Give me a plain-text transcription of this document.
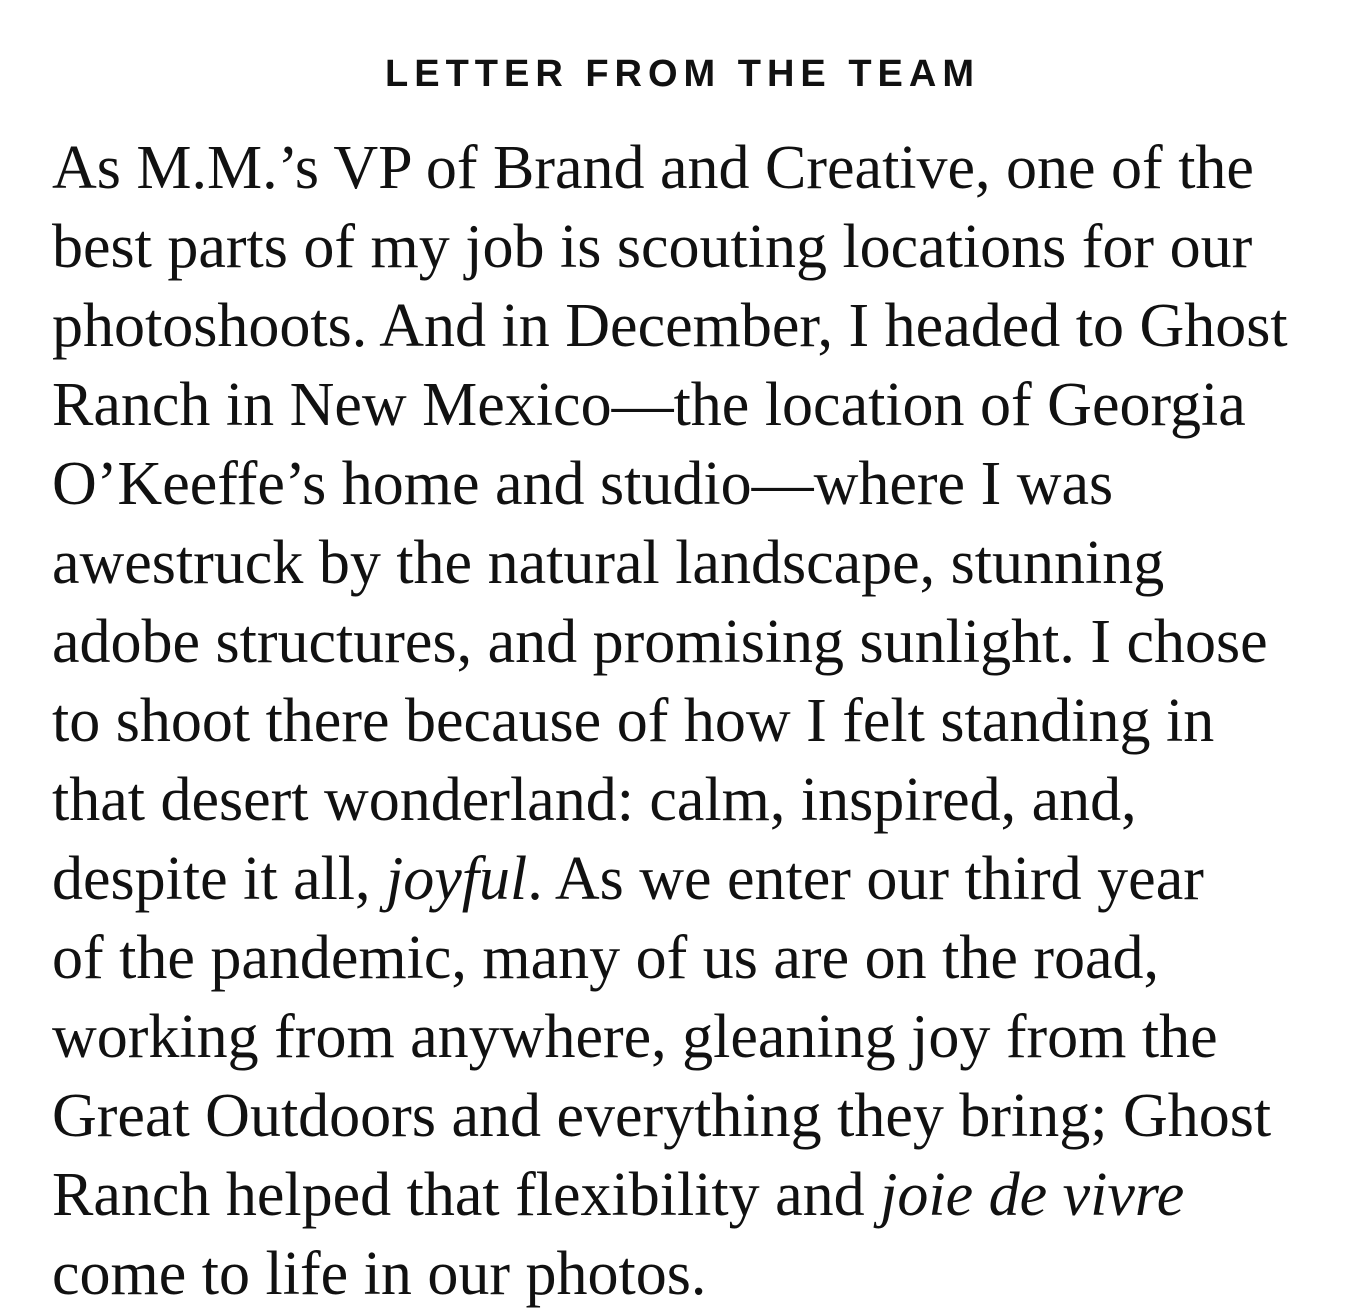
LETTER FROM THE TEAM
As M.M.’s VP of Brand and Creative, one of the
best parts of my job is scouting locations for our
photoshoots. And in December, I headed to Ghost
Ranch in New Mexico—the location of Georgia
O’Keeffe’s home and studio—where I was
awestruck by the natural landscape, stunning
adobe structures, and promising sunlight. I chose
to shoot there because of how I felt standing in
that desert wonderland: calm, inspired, and,
despite it all, joyful. As we enter our third year
of the pandemic, many of us are on the road,
working from anywhere, gleaning joy from the
Great Outdoors and everything they bring; Ghost
Ranch helped that flexibility and joie de vivre
come to life in our photos.
